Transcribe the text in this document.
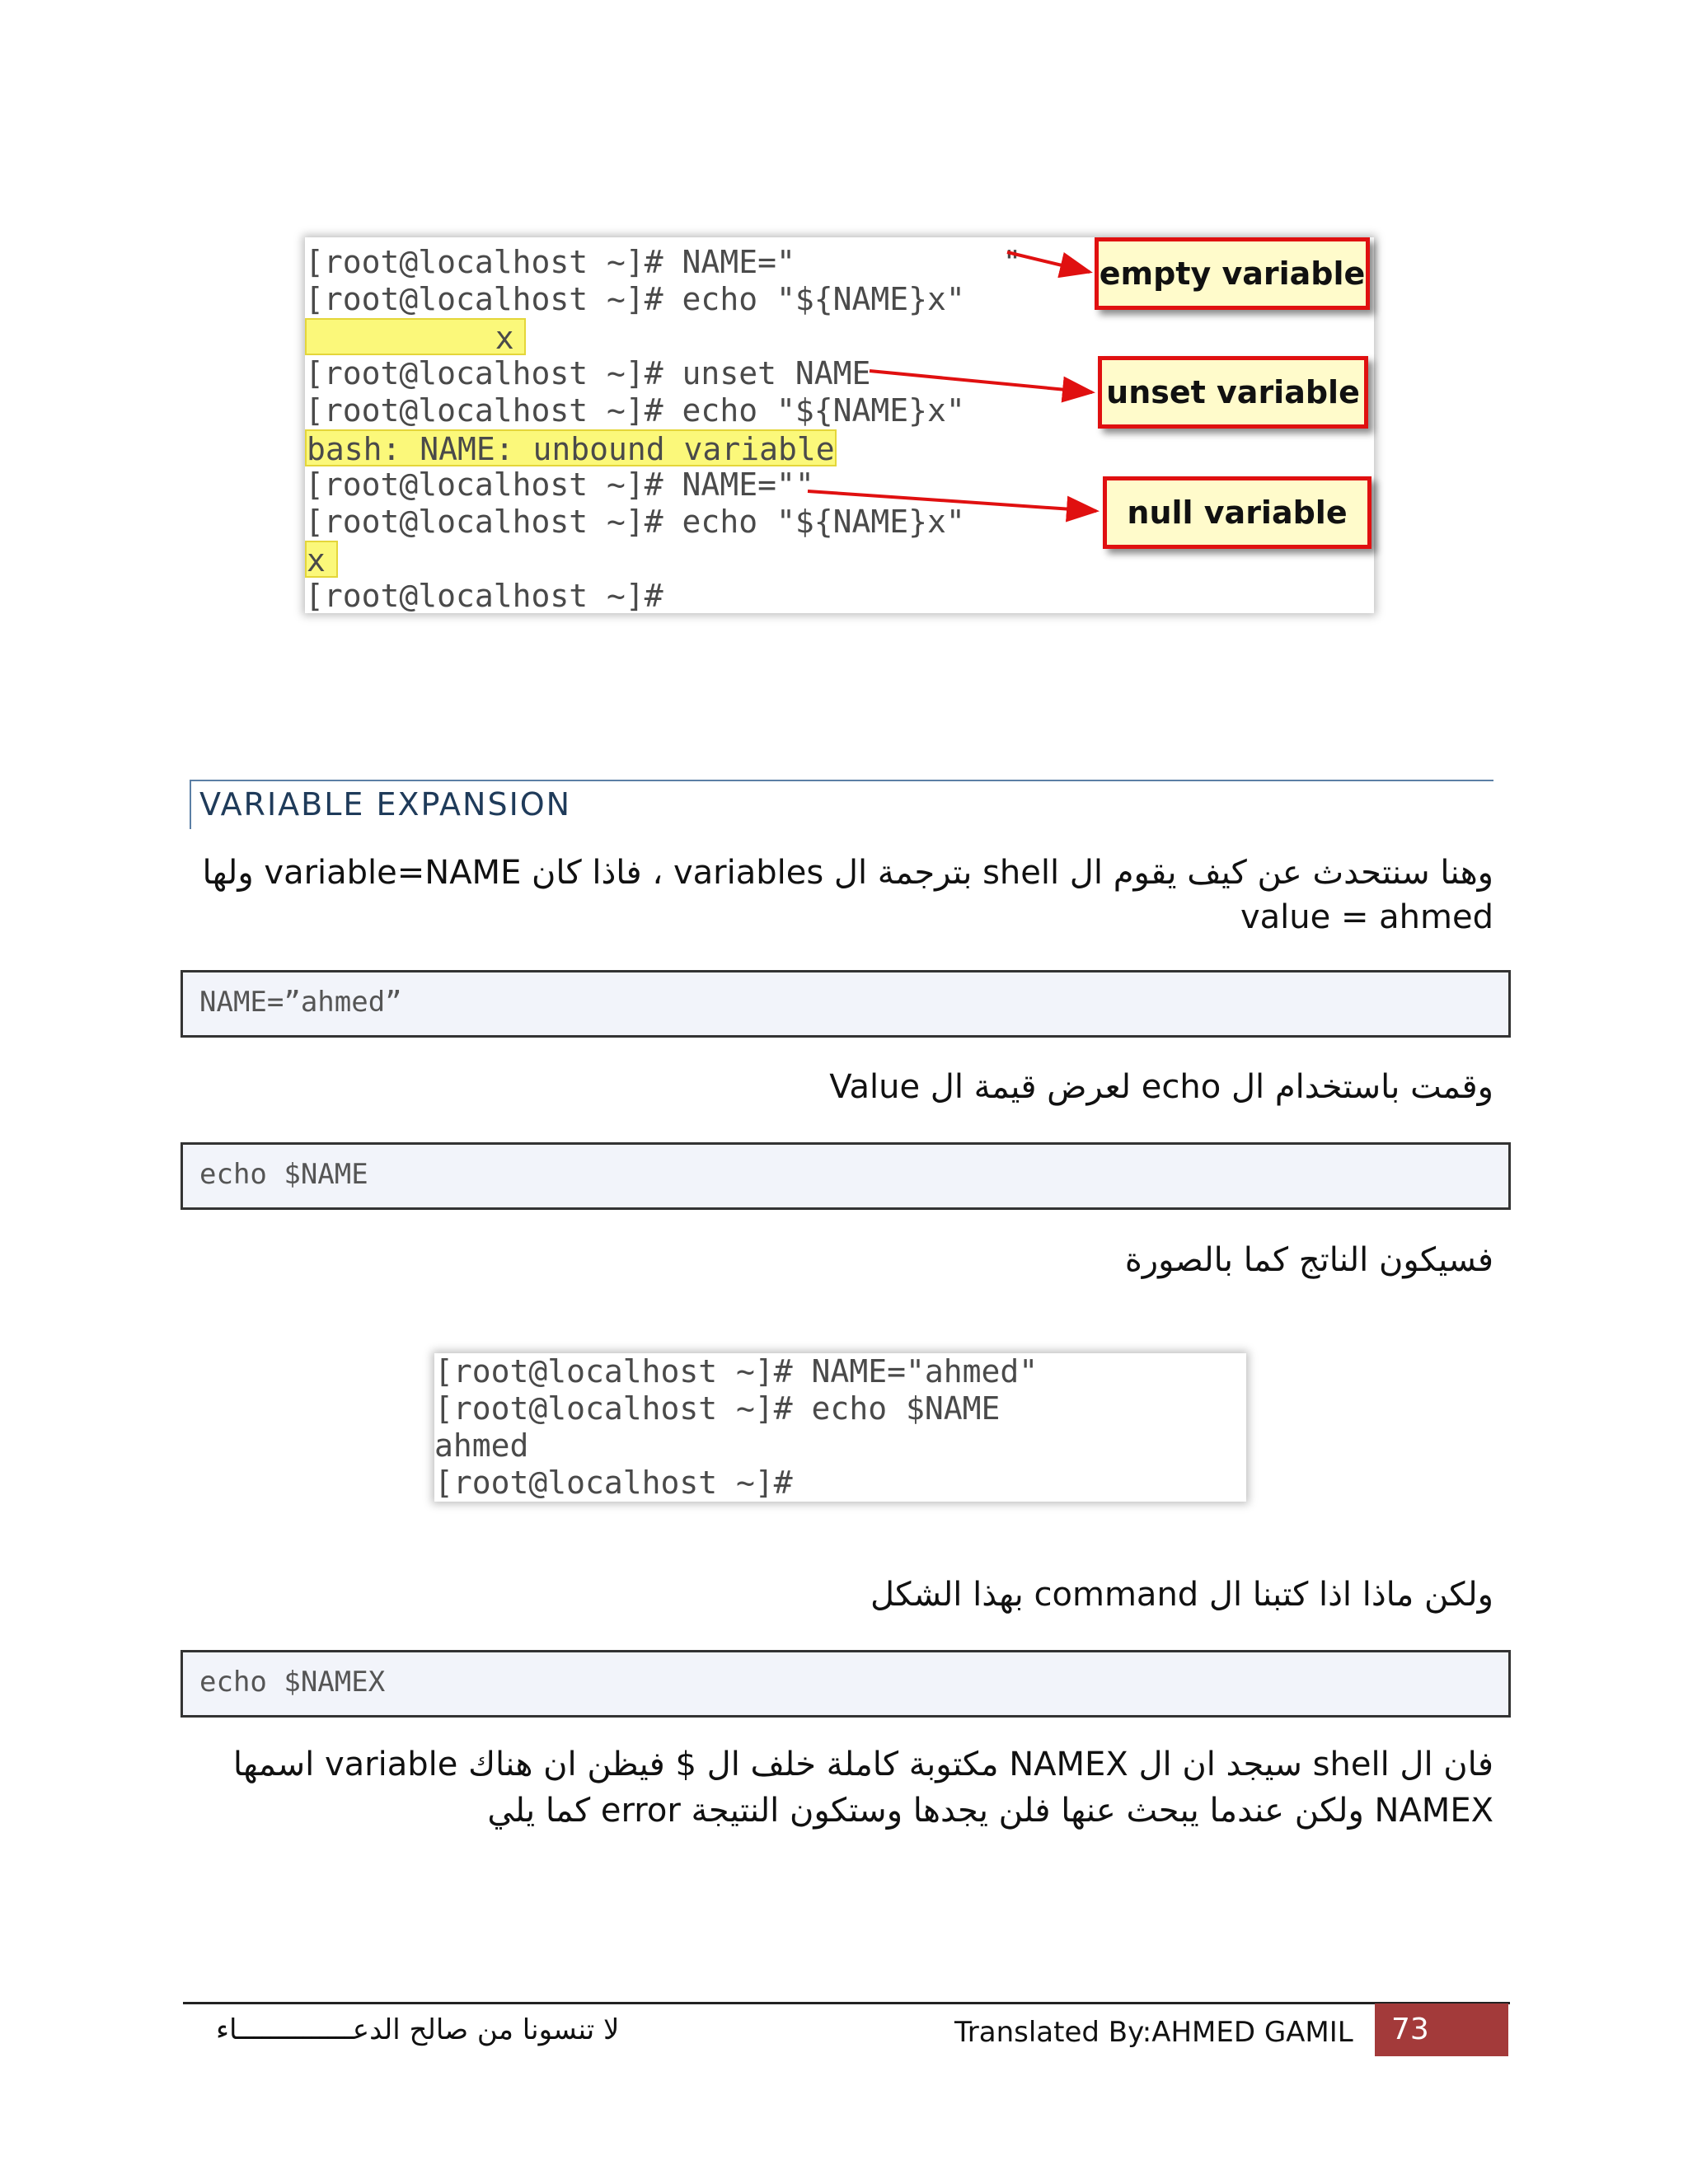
[root@localhost ~]# NAME="           "
[root@localhost ~]# echo "${NAME}x"
x
[root@localhost ~]# unset NAME
[root@localhost ~]# echo "${NAME}x"
bash: NAME: unbound variable
[root@localhost ~]# NAME=""
[root@localhost ~]# echo "${NAME}x"
x
[root@localhost ~]#
empty variable
unset variable
null variable
VARIABLE EXPANSION
وهنا سنتحدث عن كيف يقوم ال shell بترجمة ال variables ، فاذا كان variable=NAME ولها
value = ahmed
NAME=”ahmed”
وقمت باستخدام ال echo لعرض قيمة ال Value
echo $NAME
فسيكون الناتج كما بالصورة
[root@localhost ~]# NAME="ahmed"
[root@localhost ~]# echo $NAME
ahmed
[root@localhost ~]#
ولكن ماذا اذا كتبنا ال command بهذا الشكل
echo $NAMEX
فان ال shell سيجد ان ال NAMEX مكتوبة كاملة خلف ال $ فيظن ان هناك variable اسمها
NAMEX ولكن عندما يبحث عنها فلن يجدها وستكون النتيجة error كما يلي
لا تنسونا من صالح الدعــــــــــــــاء	Translated By:AHMED GAMIL	73
